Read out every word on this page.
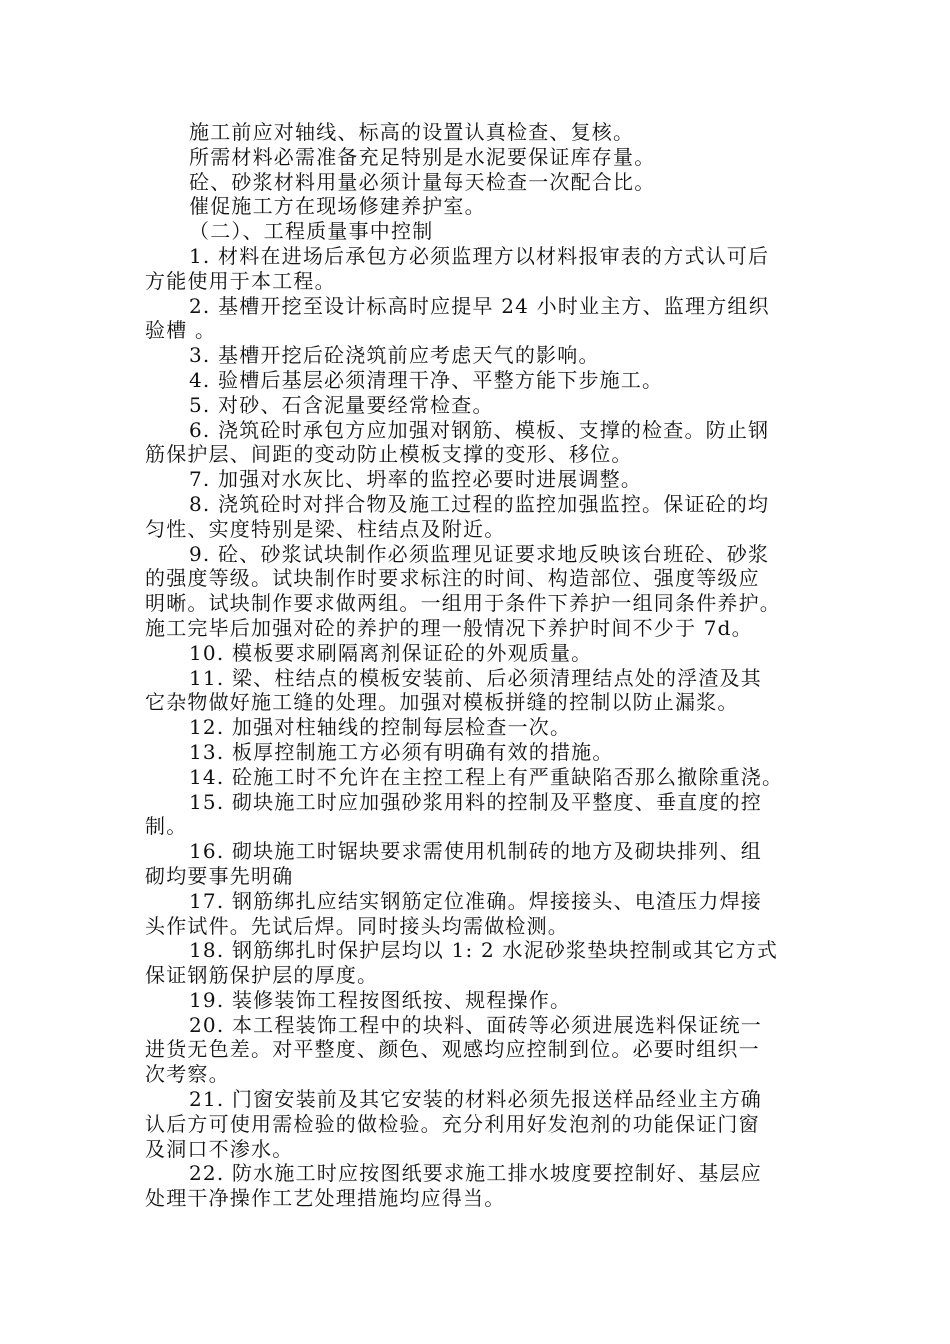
施工前应对轴线、标高的设置认真检查、复核。
所需材料必需准备充足特别是水泥要保证库存量。
砼、砂浆材料用量必须计量每天检查一次配合比。
催促施工方在现场修建养护室。
（二）、工程质量事中控制
1. 材料在进场后承包方必须监理方以材料报审表的方式认可后
方能使用于本工程。
2. 基槽开挖至设计标高时应提早 24 小时业主方、监理方组织
验槽 。
3. 基槽开挖后砼浇筑前应考虑天气的影响。
4. 验槽后基层必须清理干净、平整方能下步施工。
5. 对砂、石含泥量要经常检查。
6. 浇筑砼时承包方应加强对钢筋、模板、支撑的检查。防止钢
筋保护层、间距的变动防止模板支撑的变形、移位。
7. 加强对水灰比、坍率的监控必要时进展调整。
8. 浇筑砼时对拌合物及施工过程的监控加强监控。保证砼的均
匀性、实度特别是梁、柱结点及附近。
9. 砼、砂浆试块制作必须监理见证要求地反映该台班砼、砂浆
的强度等级。试块制作时要求标注的时间、构造部位、强度等级应
明晰。试块制作要求做两组。一组用于条件下养护一组同条件养护。
施工完毕后加强对砼的养护的理一般情况下养护时间不少于 7d。
10. 模板要求刷隔离剂保证砼的外观质量。
11. 梁、柱结点的模板安装前、后必须清理结点处的浮渣及其
它杂物做好施工缝的处理。加强对模板拼缝的控制以防止漏浆。
12. 加强对柱轴线的控制每层检查一次。
13. 板厚控制施工方必须有明确有效的措施。
14. 砼施工时不允许在主控工程上有严重缺陷否那么撤除重浇。
15. 砌块施工时应加强砂浆用料的控制及平整度、垂直度的控
制。
16. 砌块施工时锯块要求需使用机制砖的地方及砌块排列、组
砌均要事先明确
17. 钢筋绑扎应结实钢筋定位准确。焊接接头、电渣压力焊接
头作试件。先试后焊。同时接头均需做检测。
18. 钢筋绑扎时保护层均以 1: 2 水泥砂浆垫块控制或其它方式
保证钢筋保护层的厚度。
19. 装修装饰工程按图纸按、规程操作。
20. 本工程装饰工程中的块料、面砖等必须进展选料保证统一
进货无色差。对平整度、颜色、观感均应控制到位。必要时组织一
次考察。
21. 门窗安装前及其它安装的材料必须先报送样品经业主方确
认后方可使用需检验的做检验。充分利用好发泡剂的功能保证门窗
及洞口不渗水。
22. 防水施工时应按图纸要求施工排水坡度要控制好、基层应
处理干净操作工艺处理措施均应得当。
